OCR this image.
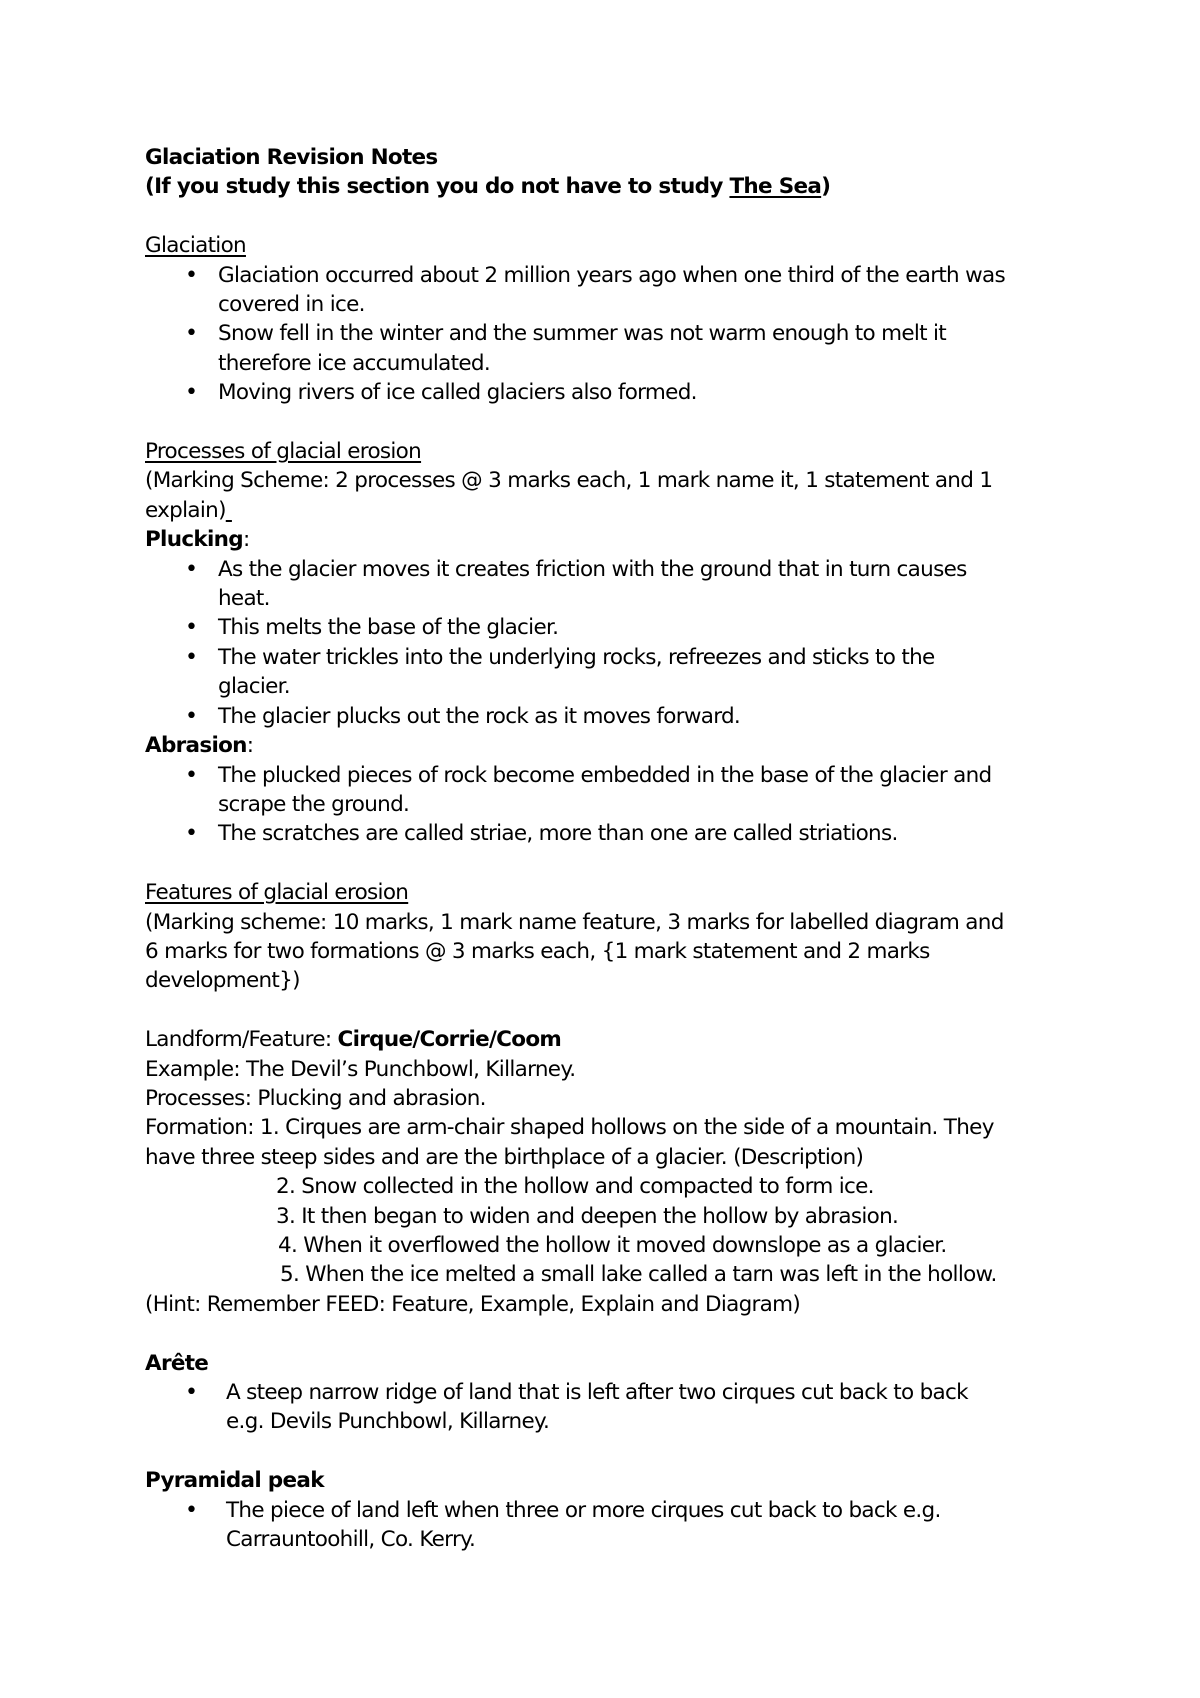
Glaciation Revision Notes
(If you study this section you do not have to study The Sea)
Glaciation
• Glaciation occurred about 2 million years ago when one third of the earth was
covered in ice.
• Snow fell in the winter and the summer was not warm enough to melt it
therefore ice accumulated.
• Moving rivers of ice called glaciers also formed.
Processes of glacial erosion
(Marking Scheme: 2 processes @ 3 marks each, 1 mark name it, 1 statement and 1
explain)
Plucking:
• As the glacier moves it creates friction with the ground that in turn causes
heat.
• This melts the base of the glacier.
• The water trickles into the underlying rocks, refreezes and sticks to the
glacier.
• The glacier plucks out the rock as it moves forward.
Abrasion:
• The plucked pieces of rock become embedded in the base of the glacier and
scrape the ground.
• The scratches are called striae, more than one are called striations.
Features of glacial erosion
(Marking scheme: 10 marks, 1 mark name feature, 3 marks for labelled diagram and
6 marks for two formations @ 3 marks each, {1 mark statement and 2 marks
development})
Landform/Feature: Cirque/Corrie/Coom
Example: The Devil’s Punchbowl, Killarney.
Processes: Plucking and abrasion.
Formation: 1. Cirques are arm-chair shaped hollows on the side of a mountain. They
have three steep sides and are the birthplace of a glacier. (Description)
2. Snow collected in the hollow and compacted to form ice.
3. It then began to widen and deepen the hollow by abrasion.
4. When it overflowed the hollow it moved downslope as a glacier.
5. When the ice melted a small lake called a tarn was left in the hollow.
(Hint: Remember FEED: Feature, Example, Explain and Diagram)
Arête
• A steep narrow ridge of land that is left after two cirques cut back to back
e.g. Devils Punchbowl, Killarney.
Pyramidal peak
• The piece of land left when three or more cirques cut back to back e.g.
Carrauntoohill, Co. Kerry.
